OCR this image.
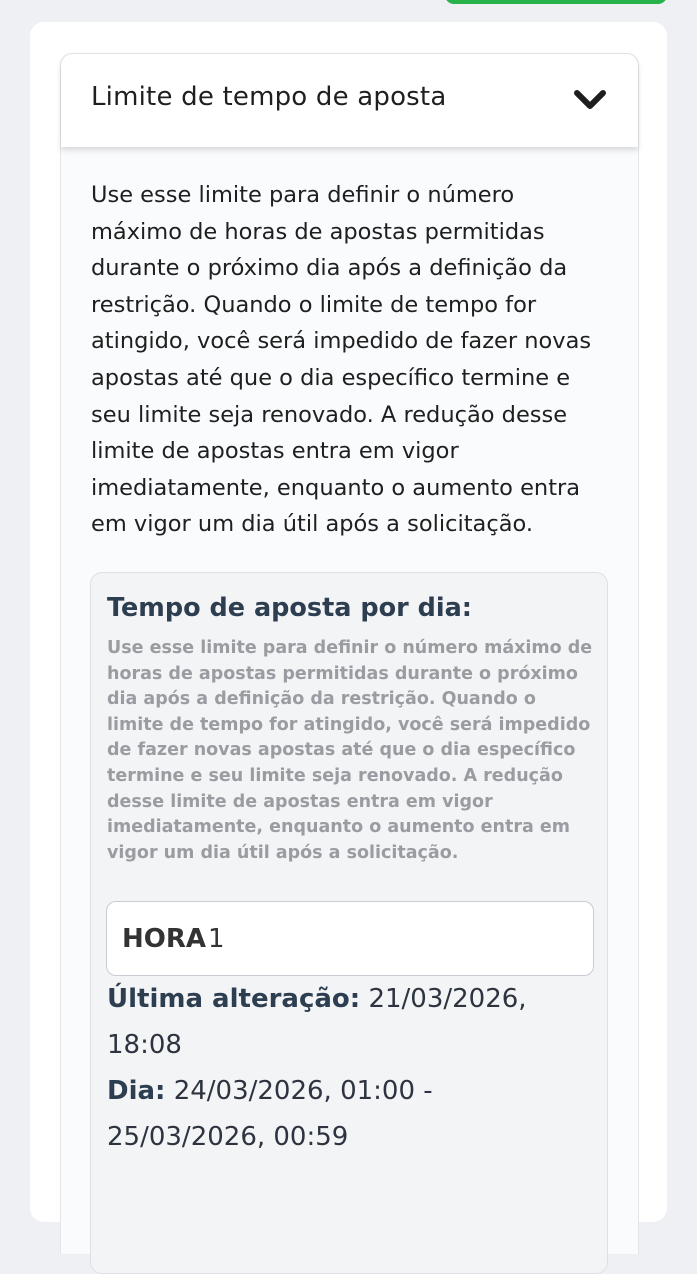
Limite de tempo de aposta

Use esse limite para definir o número máximo de horas de apostas permitidas durante o próximo dia após a definição da restrição. Quando o limite de tempo for atingido, você será impedido de fazer novas apostas até que o dia específico termine e seu limite seja renovado. A redução desse limite de apostas entra em vigor imediatamente, enquanto o aumento entra em vigor um dia útil após a solicitação.

Tempo de aposta por dia:

Use esse limite para definir o número máximo de horas de apostas permitidas durante o próximo dia após a definição da restrição. Quando o limite de tempo for atingido, você será impedido de fazer novas apostas até que o dia específico termine e seu limite seja renovado. A redução desse limite de apostas entra em vigor imediatamente, enquanto o aumento entra em vigor um dia útil após a solicitação.

HORA 1

Última alteração: 21/03/2026, 18:08
Dia: 24/03/2026, 01:00 - 25/03/2026, 00:59
